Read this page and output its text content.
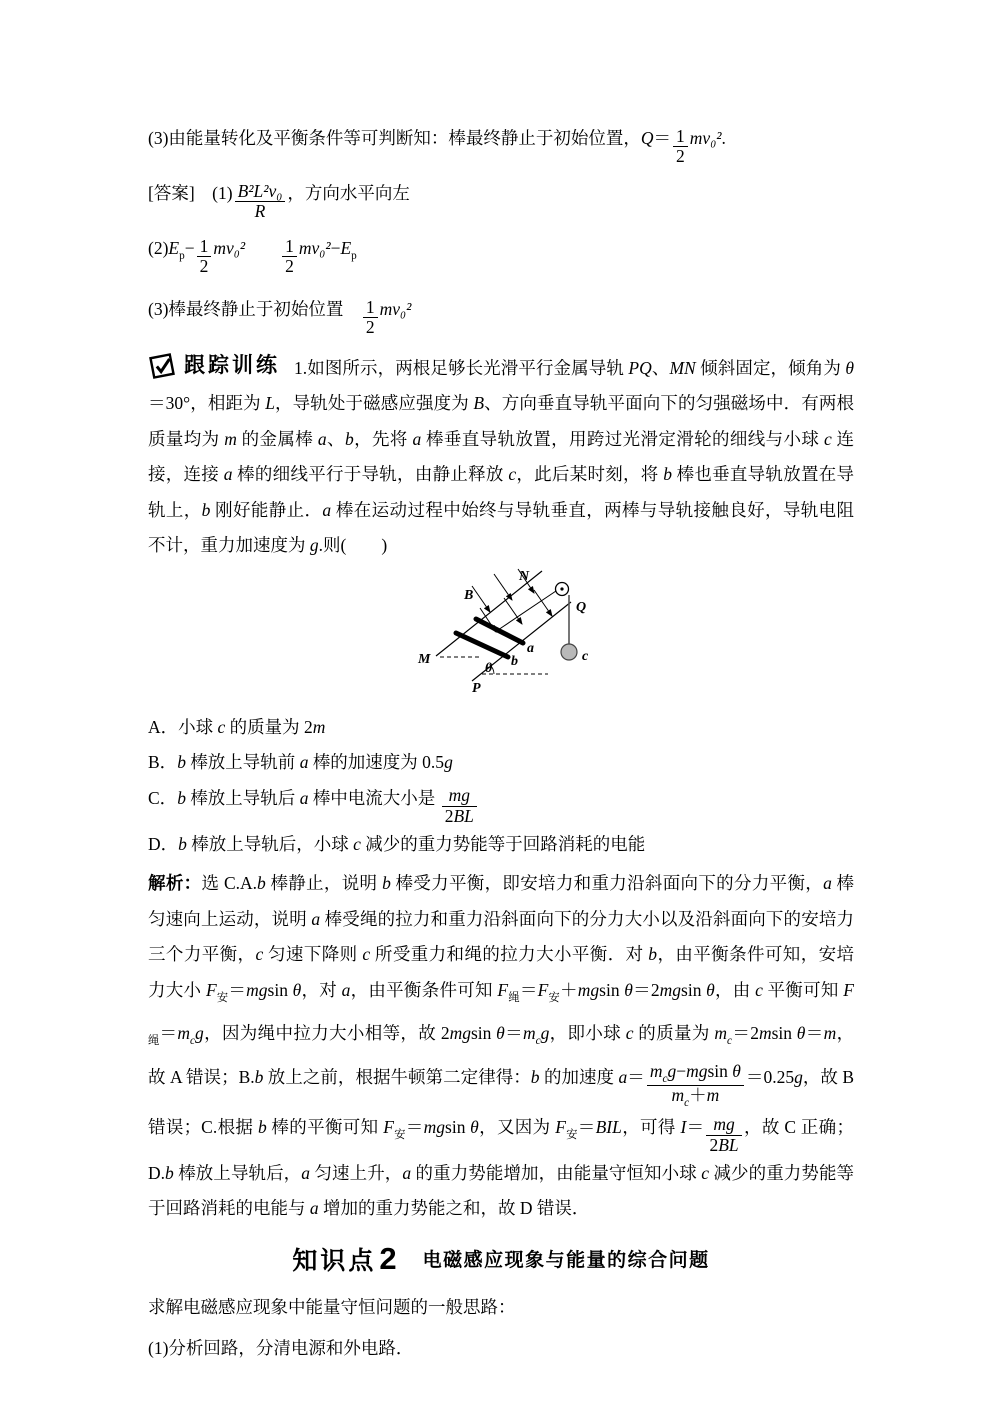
(3)由能量转化及平衡条件等可判断知：棒最终静止于初始位置，$Q= \frac{1}{2} mv_0^2$.

[答案]　$(1) \frac{\text{B²L²v₀}}{R}$ ，方向水平向左

$(2)E_p- \frac{1}{2} mv_0^2$　　 $\frac{1}{2} mv_0^2-E_p$

(3)棒最终静止于初始位置　 $\frac{1}{2} mv_0^2$

跟踪训练 1.如图所示，两根足够长光滑平行金属导轨 PQ、MN 倾斜固定，倾角为 θ＝30°，相距为 L，导轨处于磁感应强度为 B、方向垂直导轨平面向下的匀强磁场中．有两根质量均为 m 的金属棒 a、b，先将 a 棒垂直导轨放置，用跨过光滑定滑轮的细线与小球 c 连接，连接 a 棒的细线平行于导轨，由静止释放 c，此后某时刻，将 b 棒也垂直导轨放置在导轨上，b 刚好能静止．a 棒在运动过程中始终与导轨垂直，两棒与导轨接触良好，导轨电阻不计，重力加速度为 g.则(　　)

N
B
M
Q
a
b
θ
P
c

A．小球 c 的质量为 2m

B．b 棒放上导轨前 a 棒的加速度为 0.5g

C．b 棒放上导轨后 a 棒中电流大小是 $\frac{mg}{2BL}$

D．b 棒放上导轨后，小球 c 减少的重力势能等于回路消耗的电能

解析：选 C.A.b 棒静止，说明 b 棒受力平衡，即安培力和重力沿斜面向下的分力平衡，a 棒匀速向上运动，说明 a 棒受绳的拉力和重力沿斜面向下的分力大小以及沿斜面向下的安培力三个力平衡，c 匀速下降则 c 所受重力和绳的拉力大小平衡．对 b，由平衡条件可知，安培力大小 $F_安=mgsin$ θ，对 a，由平衡条件可知 $F_绳=F_安+mgsin$ θ＝2mgsin θ，由 c 平衡可知 $F_绳=m_cg$，因为绳中拉力大小相等，故 2mgsin $\theta=m_cg$，即小球 c 的质量为 $m_c=2msin$ θ＝m，故 A 错误；B.b 放上之前，根据牛顿第二定律得：b 的加速度 $a= \frac{m_cg-mgsin \theta}{m_c+m} =0.25g$，故 B 错误；C.根据 b 棒的平衡可知 $F_安=mgsin$ θ，又因为 $F_安=BIL$，可得 $I= \frac{mg}{2BL}$ ，故 C 正确；D.b 棒放上导轨后，a 匀速上升，a 的重力势能增加，由能量守恒知小球 c 减少的重力势能等于回路消耗的电能与 a 增加的重力势能之和，故 D 错误．

知识点 2 电磁感应现象与能量的综合问题

求解电磁感应现象中能量守恒问题的一般思路：

(1)分析回路，分清电源和外电路．
